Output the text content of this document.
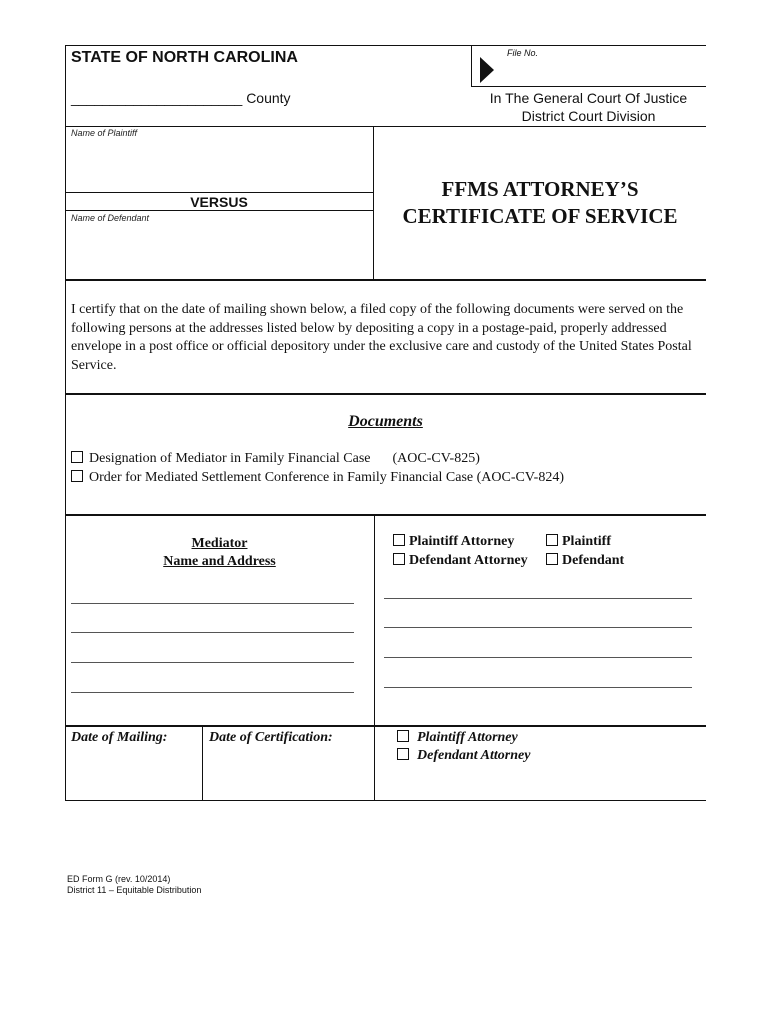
STATE OF NORTH CAROLINA	File No.
______________________ County	In The General Court Of Justice
District Court Division
Name of Plaintiff
VERSUS
Name of Defendant
FFMS ATTORNEY’S
CERTIFICATE OF SERVICE
I certify that on the date of mailing shown below, a filed copy of the following documents were served on the following persons at the addresses listed below by depositing a copy in a postage-paid, properly addressed envelope in a post office or official depository under the exclusive care and custody of the United States Postal Service.
Documents
Designation of Mediator in Family Financial Case (AOC-CV-825)
Order for Mediated Settlement Conference in Family Financial Case (AOC-CV-824)
Mediator
Name and Address
Plaintiff Attorney	Plaintiff
Defendant Attorney	Defendant
Date of Mailing:	Date of Certification:	Plaintiff Attorney
Defendant Attorney
ED Form G (rev. 10/2014)
District 11 – Equitable Distribution
